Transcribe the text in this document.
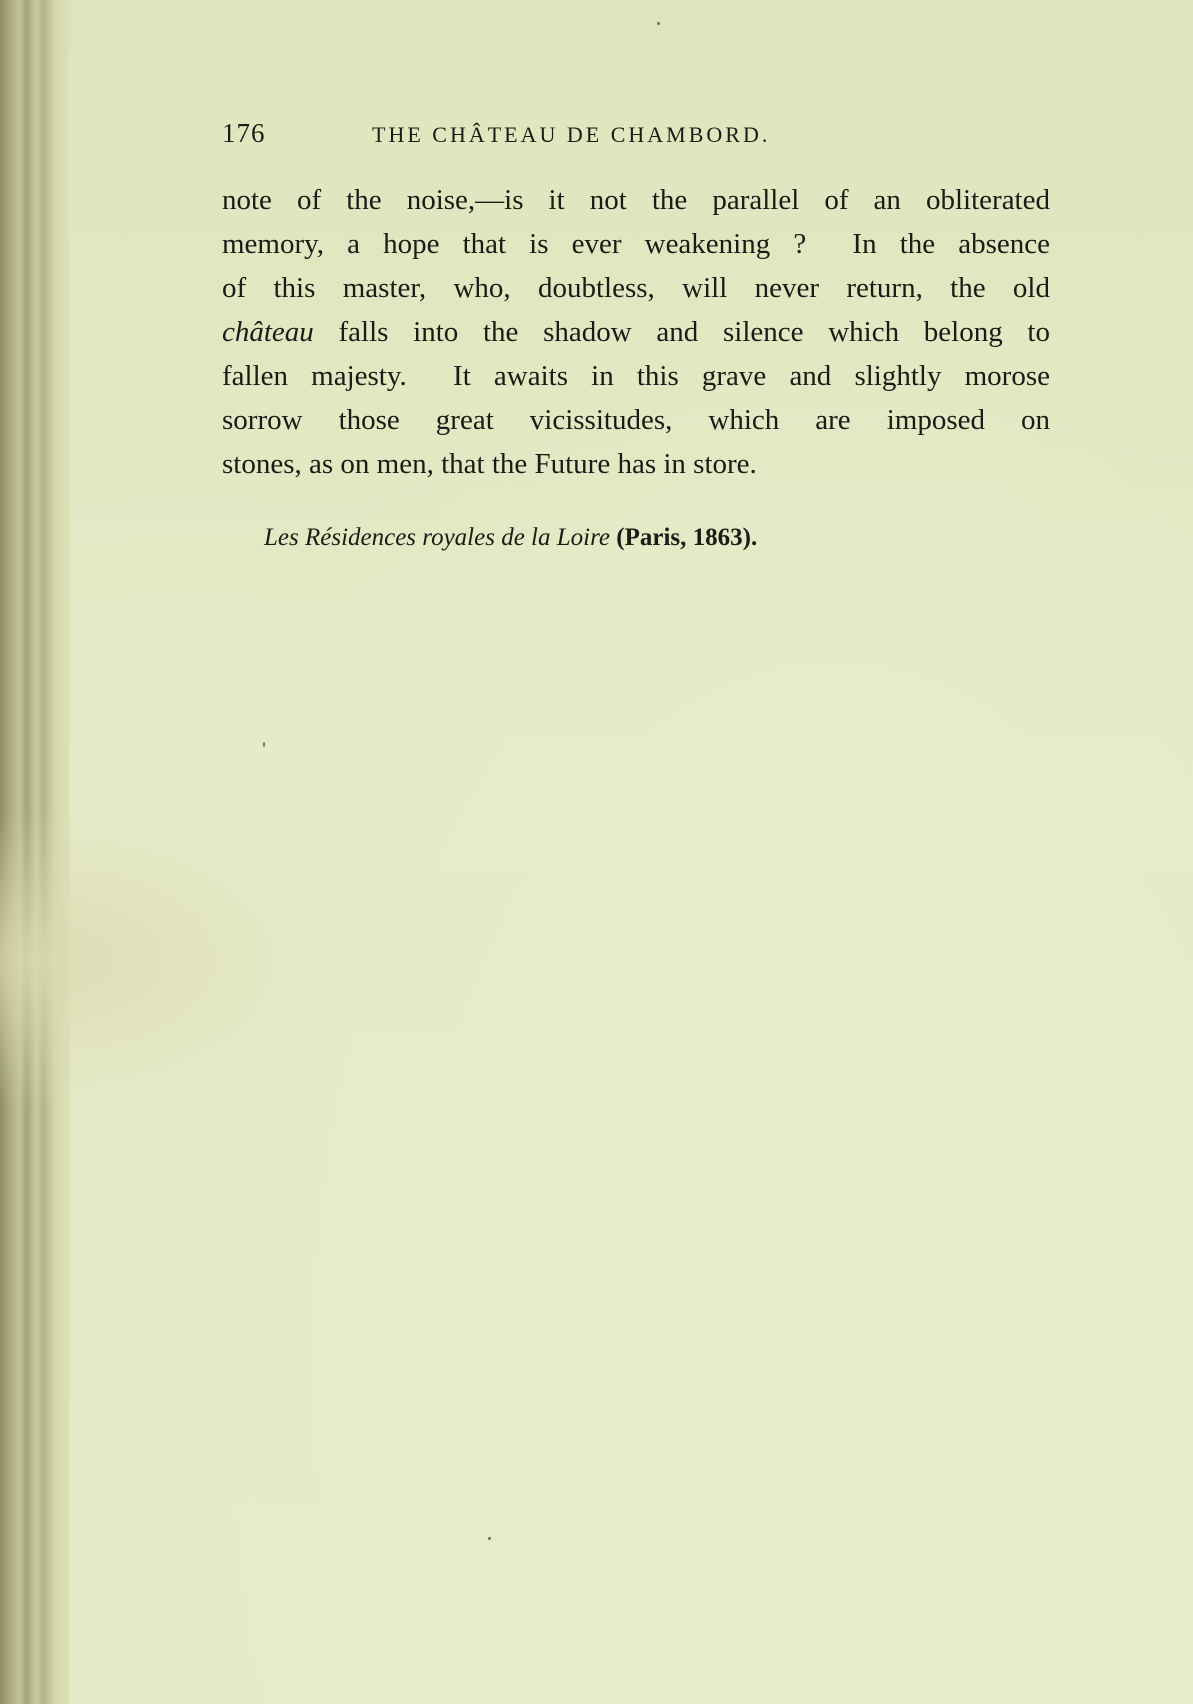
176	THE CHÂTEAU DE CHAMBORD.
note of the noise,—is it not the parallel of an obliterated
memory, a hope that is ever weakening ?  In the absence
of this master, who, doubtless, will never return, the old
château falls into the shadow and silence which belong to
fallen majesty.  It awaits in this grave and slightly morose
sorrow those great vicissitudes, which are imposed on
stones, as on men, that the Future has in store.
Les Résidences royales de la Loire (Paris, 1863).
